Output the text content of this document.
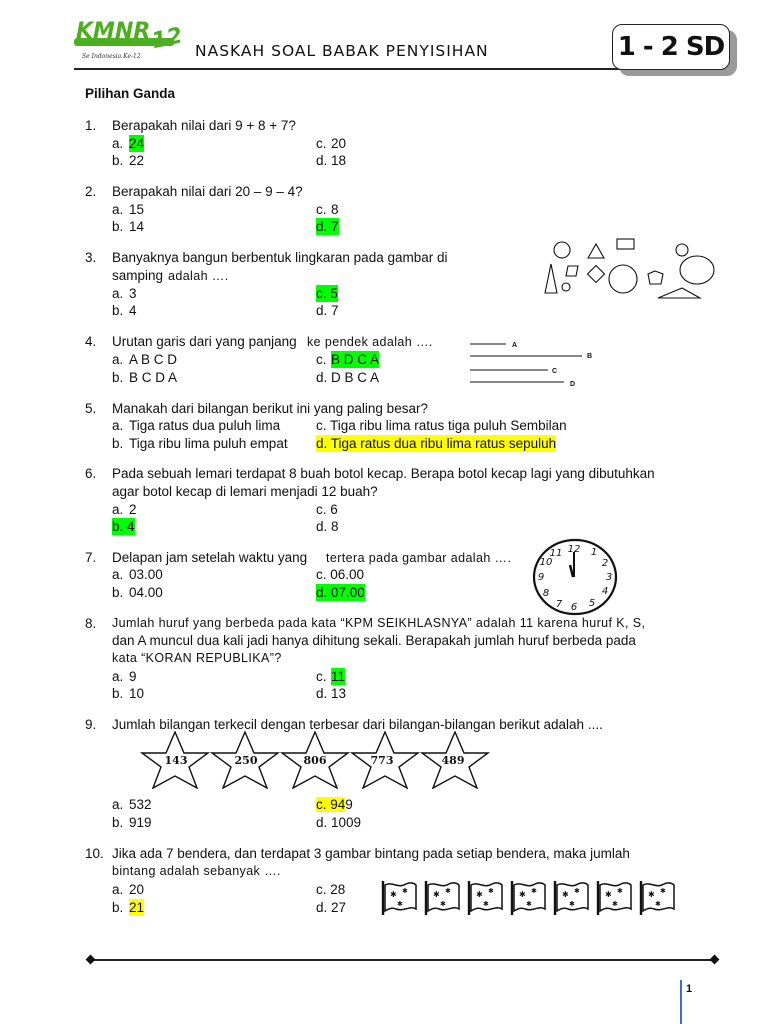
KMNR 12
Se Indonesia Ke-12	NASKAH SOAL BABAK PENYISIHAN	1 - 2 SD
Pilihan Ganda
1. Berapakah nilai dari 9 + 8 + 7?
a. 24
b. 22
c. 20
d. 18
2. Berapakah nilai dari 20 – 9 – 4?
a. 15
b. 14
c. 8
d. 7
3. Banyaknya bangun berbentuk lingkaran pada gambar di
samping adalah ….
a. 3
b. 4
c. 5
d. 7
4. Urutan garis dari yang panjang ke pendek adalah ….
a. A B C D
b. B C D A
c. B D C A
d. D B C A
A
B
C
D
5. Manakah dari bilangan berikut ini yang paling besar?
a. Tiga ratus dua puluh lima
b. Tiga ribu lima puluh empat
c. Tiga ribu lima ratus tiga puluh Sembilan
d. Tiga ratus dua ribu lima ratus sepuluh
6. Pada sebuah lemari terdapat 8 buah botol kecap. Berapa botol kecap lagi yang dibutuhkan
agar botol kecap di lemari menjadi 12 buah?
a. 2
b. 4
c. 6
d. 8
7. Delapan jam setelah waktu yang tertera pada gambar adalah ….
a. 03.00
b. 04.00
c. 06.00
d. 07.00
12 1
2
3
4
5
6
7
8
9
10
11
8. Jumlah huruf yang berbeda pada kata “KPM SEIKHLASNYA” adalah 11 karena huruf K, S,
dan A muncul dua kali jadi hanya dihitung sekali. Berapakah jumlah huruf berbeda pada
kata “KORAN REPUBLIKA”?
a. 9
b. 10
c. 11
d. 13
9. Jumlah bilangan terkecil dengan terbesar dari bilangan-bilangan berikut adalah ....
143	250	806	773	489
a. 532
b. 919
c. 949
d. 1009
10. Jika ada 7 bendera, dan terdapat 3 gambar bintang pada setiap bendera, maka jumlah
bintang adalah sebanyak ….
a. 20
b. 21
c. 28
d. 27
1
